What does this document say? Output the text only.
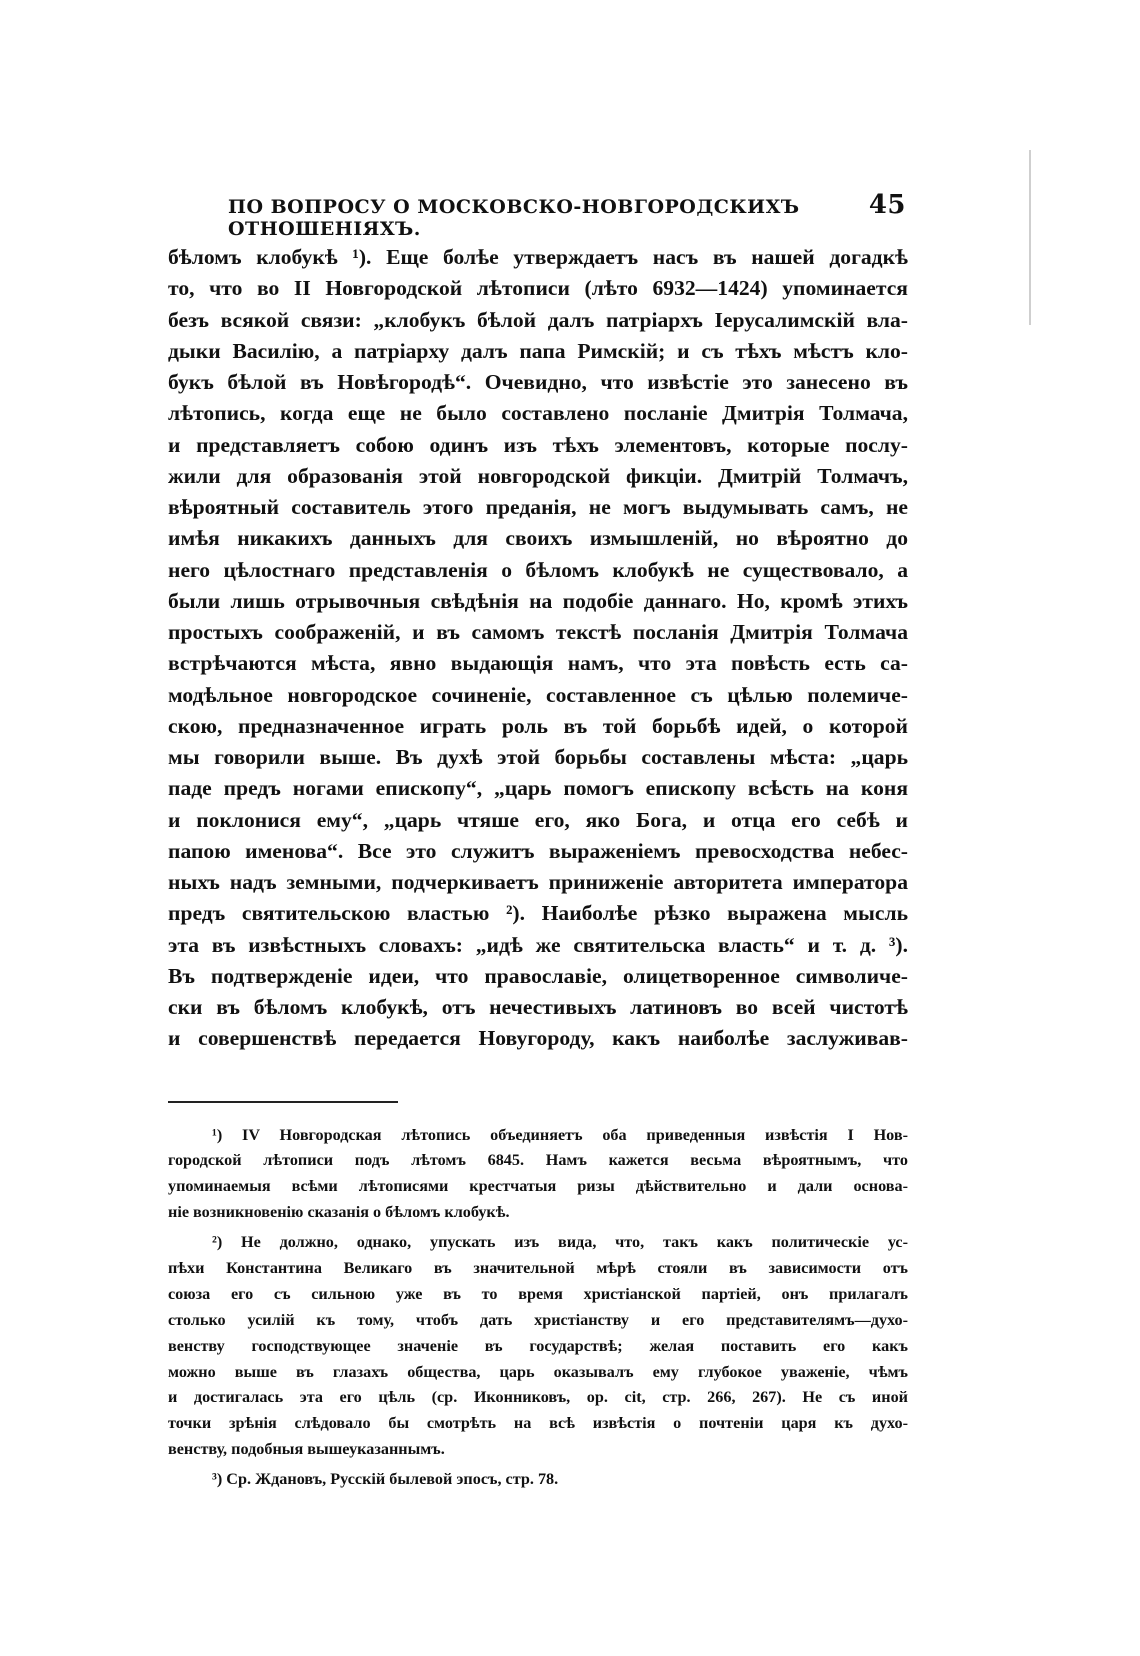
ПО ВОПРОСУ О МОСКОВСКО-НОВГОРОДСКИХЪ ОТНОШЕНІЯХЪ.
45
бѣломъ клобукѣ ¹). Еще болѣе утверждаетъ насъ въ нашей догадкѣ
то, что во II Новгородской лѣтописи (лѣто 6932—1424) упоминается
безъ всякой связи: „клобукъ бѣлой далъ патріархъ Іерусалимскій вла-
дыки Василію, а патріарху далъ папа Римскій; и съ тѣхъ мѣстъ кло-
букъ бѣлой въ Новѣгородѣ“. Очевидно, что извѣстіе это занесено въ
лѣтопись, когда еще не было составлено посланіе Дмитрія Толмача,
и представляетъ собою одинъ изъ тѣхъ элементовъ, которые послу-
жили для образованія этой новгородской фикціи. Дмитрій Толмачъ,
вѣроятный составитель этого преданія, не могъ выдумывать самъ, не
имѣя никакихъ данныхъ для своихъ измышленій, но вѣроятно до
него цѣлостнаго представленія о бѣломъ клобукѣ не существовало, а
были лишь отрывочныя свѣдѣнія на подобіе даннаго. Но, кромѣ этихъ
простыхъ соображеній, и въ самомъ текстѣ посланія Дмитрія Толмача
встрѣчаются мѣста, явно выдающія намъ, что эта повѣсть есть са-
модѣльное новгородское сочиненіе, составленное съ цѣлью полемиче-
скою, предназначенное играть роль въ той борьбѣ идей, о которой
мы говорили выше. Въ духѣ этой борьбы составлены мѣста: „царь
паде предъ ногами епископу“, „царь помогъ епископу всѣсть на коня
и поклонися ему“, „царь чтяше его, яко Бога, и отца его себѣ и
папою именова“. Все это служитъ выраженіемъ превосходства небес-
ныхъ надъ земными, подчеркиваетъ приниженіе авторитета императора
предъ святительскою властью ²). Наиболѣе рѣзко выражена мысль
эта въ извѣстныхъ словахъ: „идѣ же святительска власть“ и т. д. ³).
Въ подтвержденіе идеи, что православіе, олицетворенное символиче-
ски въ бѣломъ клобукѣ, отъ нечестивыхъ латиновъ во всей чистотѣ
и совершенствѣ передается Новугороду, какъ наиболѣе заслуживав-
¹) IV Новгородская лѣтопись объединяетъ оба приведенныя извѣстія I Нов-
городской лѣтописи подъ лѣтомъ 6845. Намъ кажется весьма вѣроятнымъ, что
упоминаемыя всѣми лѣтописями крестчатыя ризы дѣйствительно и дали основа-
ніе возникновенію сказанія о бѣломъ клобукѣ.
²) Не должно, однако, упускать изъ вида, что, такъ какъ политическіе ус-
пѣхи Константина Великаго въ значительной мѣрѣ стояли въ зависимости отъ
союза его съ сильною уже въ то время христіанской партіей, онъ прилагалъ
столько усилій къ тому, чтобъ дать христіанству и его представителямъ—духо-
венству господствующее значеніе въ государствѣ; желая поставить его какъ
можно выше въ глазахъ общества, царь оказывалъ ему глубокое уваженіе, чѣмъ
и достигалась эта его цѣль (ср. Иконниковъ, op. cit, стр. 266, 267). Не съ иной
точки зрѣнія слѣдовало бы смотрѣть на всѣ извѣстія о почтеніи царя къ духо-
венству, подобныя вышеуказаннымъ.
³) Ср. Ждановъ, Русскій былевой эпосъ, стр. 78.
